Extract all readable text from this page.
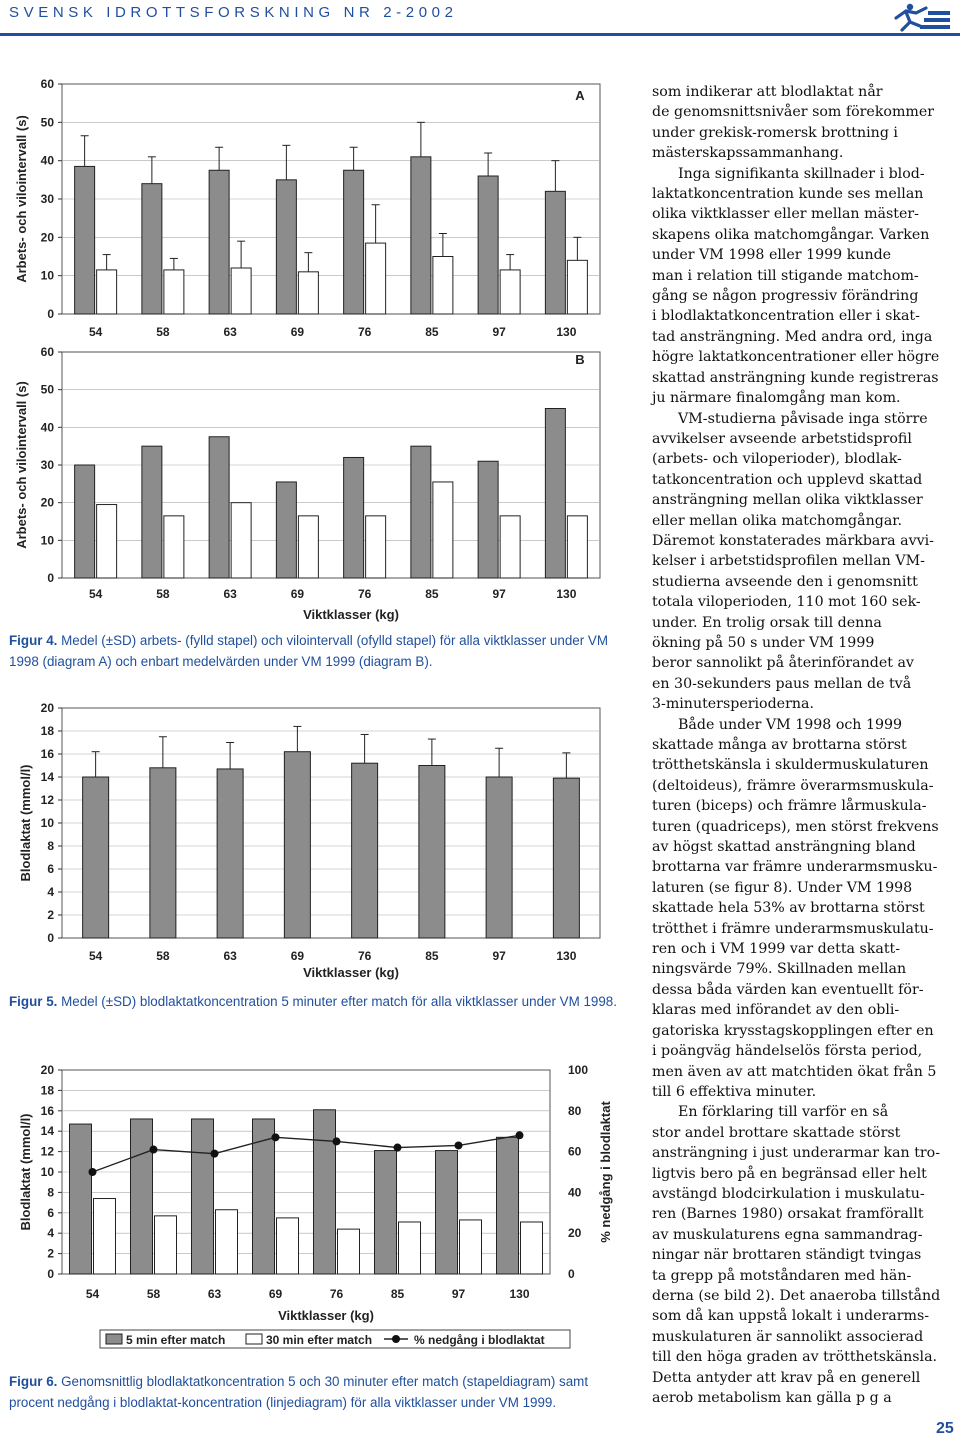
SVENSK IDROTTSFORSKNING NR 2-2002
0
10
20
30
40
50
60
Arbets- och vilointervall (s)
54	58	63	69	76	85	97	130
A
0
10
20
30
40
50
60
Arbets- och vilointervall (s)
54	58	63	69	76	85	97	130
Viktklasser (kg)
B
Figur 4. Medel (±SD) arbets- (fylld stapel) och vilointervall (ofylld stapel) för alla viktklasser under VM 1998 (diagram A) och enbart medelvärden under VM 1999 (diagram B).
0
2
4
6
8
10
12
14
16
18
20
Blodlaktat (mmol/l)
54	58	63	69	76	85	97	130
Viktklasser (kg)
Figur 5. Medel (±SD) blodlaktatkoncentration 5 minuter efter match för alla viktklasser under VM 1998.
0
2
4
6
8
10
12
14
16
18
20
Blodlaktat (mmol/l)
54	58	63	69	76	85	97	130
Viktklasser (kg)
0
20
40
60
80
100
% nedgång i blodlaktat
5 min efter match	30 min efter match	% nedgång i blodlaktat
Figur 6. Genomsnittlig blodlaktatkoncentration 5 och 30 minuter efter match (stapeldiagram) samt procent nedgång i blodlaktat-koncentration (linjediagram) för alla viktklasser under VM 1999.

som indikerar att blodlaktat når
de genomsnittsnivåer som förekommer
under grekisk-romersk brottning i
mästerskapssammanhang.

Inga signifikanta skillnader i blod-
laktatkoncentration kunde ses mellan
olika viktklasser eller mellan mäster-
skapens olika matchomgångar. Varken
under VM 1998 eller 1999 kunde
man i relation till stigande matchom-
gång se någon progressiv förändring
i blodlaktatkoncentration eller i skat-
tad ansträngning. Med andra ord, inga
högre laktatkoncentrationer eller högre
skattad ansträngning kunde registreras
ju närmare finalomgång man kom.

VM-studierna påvisade inga större
avvikelser avseende arbetstidsprofil
(arbets- och viloperioder), blodlak-
tatkoncentration och upplevd skattad
ansträngning mellan olika viktklasser
eller mellan olika matchomgångar.
Däremot konstaterades märkbara avvi-
kelser i arbetstidsprofilen mellan VM-
studierna avseende den i genomsnitt
totala viloperioden, 110 mot 160 sek-
under. En trolig orsak till denna
ökning på 50 s under VM 1999
beror sannolikt på återinförandet av
en 30-sekunders paus mellan de två
3-minutersperioderna.

Både under VM 1998 och 1999
skattade många av brottarna störst
trötthetskänsla i skuldermuskulaturen
(deltoideus), främre överarmsmuskula-
turen (biceps) och främre lårmuskula-
turen (quadriceps), men störst frekvens
av högst skattad ansträngning bland
brottarna var främre underarmsmusku-
laturen (se figur 8). Under VM 1998
skattade hela 53% av brottarna störst
trötthet i främre underarmsmuskulatu-
ren och i VM 1999 var detta skatt-
ningsvärde 79%. Skillnaden mellan
dessa båda värden kan eventuellt för-
klaras med införandet av den obli-
gatoriska krysstagskopplingen efter en
i poängväg händelselös första period,
men även av att matchtiden ökat från 5
till 6 effektiva minuter.

En förklaring till varför en så
stor andel brottare skattade störst
ansträngning i just underarmar kan tro-
ligtvis bero på en begränsad eller helt
avstängd blodcirkulation i muskulatu-
ren (Barnes 1980) orsakat framförallt
av muskulaturens egna sammandrag-
ningar när brottaren ständigt tvingas
ta grepp på motståndaren med hän-
derna (se bild 2). Det anaeroba tillstånd
som då kan uppstå lokalt i underarms-
muskulaturen är sannolikt associerad
till den höga graden av trötthetskänsla.
Detta antyder att krav på en generell
aerob metabolism kan gälla p g a

25
